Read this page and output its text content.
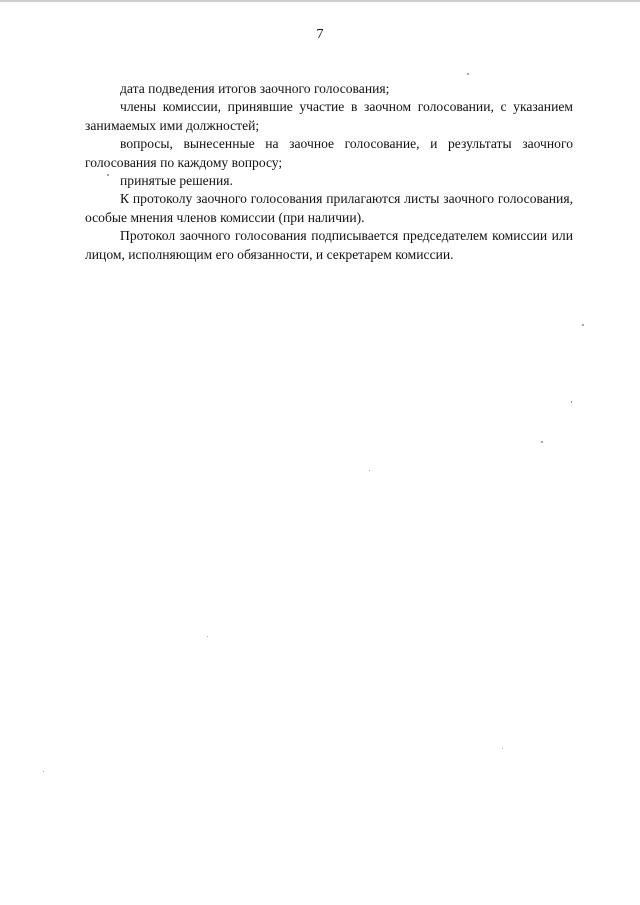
7

дата подведения итогов заочного голосования;

члены комиссии, принявшие участие в заочном голосовании, с указанием занимаемых ими должностей;

вопросы, вынесенные на заочное голосование, и результаты заочного голосования по каждому вопросу;

принятые решения.

К протоколу заочного голосования прилагаются листы заочного голосования, особые мнения членов комиссии (при наличии).

Протокол заочного голосования подписывается председателем комиссии или лицом, исполняющим его обязанности, и секретарем комиссии.
